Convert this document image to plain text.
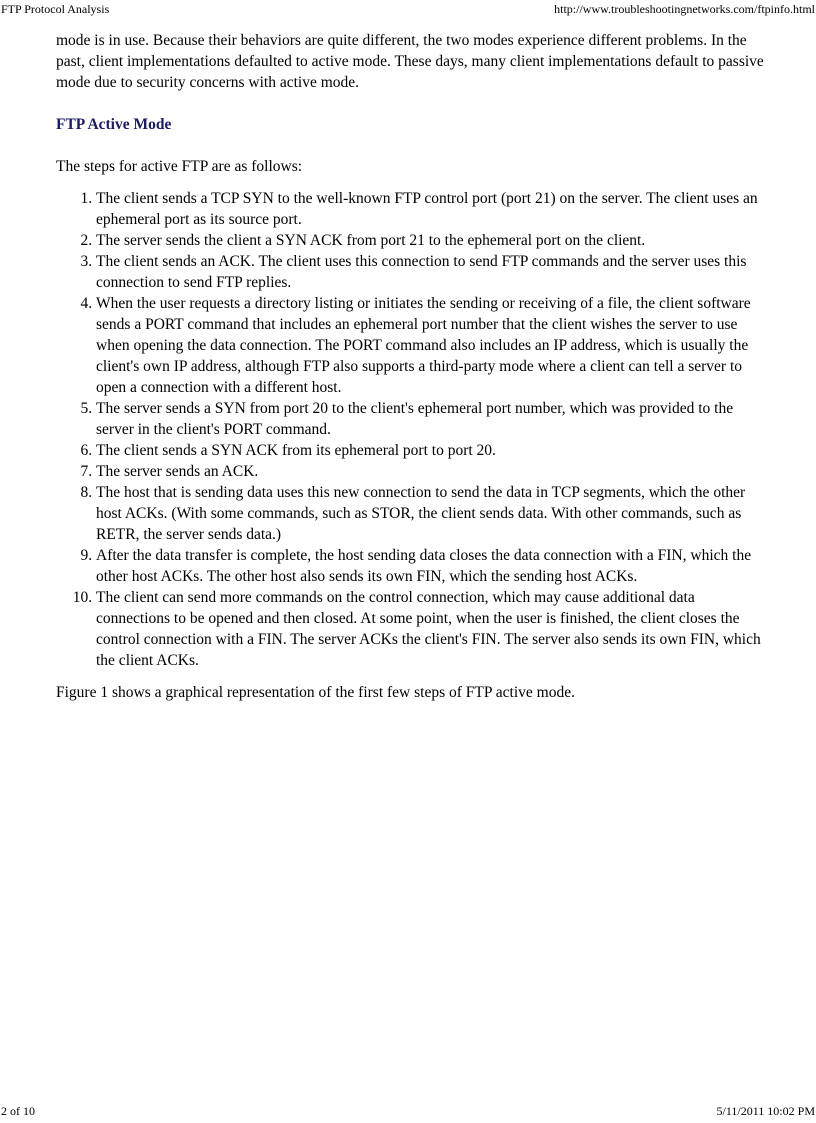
FTP Protocol Analysis	http://www.troubleshootingnetworks.com/ftpinfo.html

mode is in use. Because their behaviors are quite different, the two modes experience different problems. In the past, client implementations defaulted to active mode. These days, many client implementations default to passive mode due to security concerns with active mode.

FTP Active Mode

The steps for active FTP are as follows:

1. The client sends a TCP SYN to the well-known FTP control port (port 21) on the server. The client uses an ephemeral port as its source port.
2. The server sends the client a SYN ACK from port 21 to the ephemeral port on the client.
3. The client sends an ACK. The client uses this connection to send FTP commands and the server uses this connection to send FTP replies.
4. When the user requests a directory listing or initiates the sending or receiving of a file, the client software sends a PORT command that includes an ephemeral port number that the client wishes the server to use when opening the data connection. The PORT command also includes an IP address, which is usually the client's own IP address, although FTP also supports a third-party mode where a client can tell a server to open a connection with a different host.
5. The server sends a SYN from port 20 to the client's ephemeral port number, which was provided to the server in the client's PORT command.
6. The client sends a SYN ACK from its ephemeral port to port 20.
7. The server sends an ACK.
8. The host that is sending data uses this new connection to send the data in TCP segments, which the other host ACKs. (With some commands, such as STOR, the client sends data. With other commands, such as RETR, the server sends data.)
9. After the data transfer is complete, the host sending data closes the data connection with a FIN, which the other host ACKs. The other host also sends its own FIN, which the sending host ACKs.
10. The client can send more commands on the control connection, which may cause additional data connections to be opened and then closed. At some point, when the user is finished, the client closes the control connection with a FIN. The server ACKs the client's FIN. The server also sends its own FIN, which the client ACKs.

Figure 1 shows a graphical representation of the first few steps of FTP active mode.

2 of 10	5/11/2011 10:02 PM
